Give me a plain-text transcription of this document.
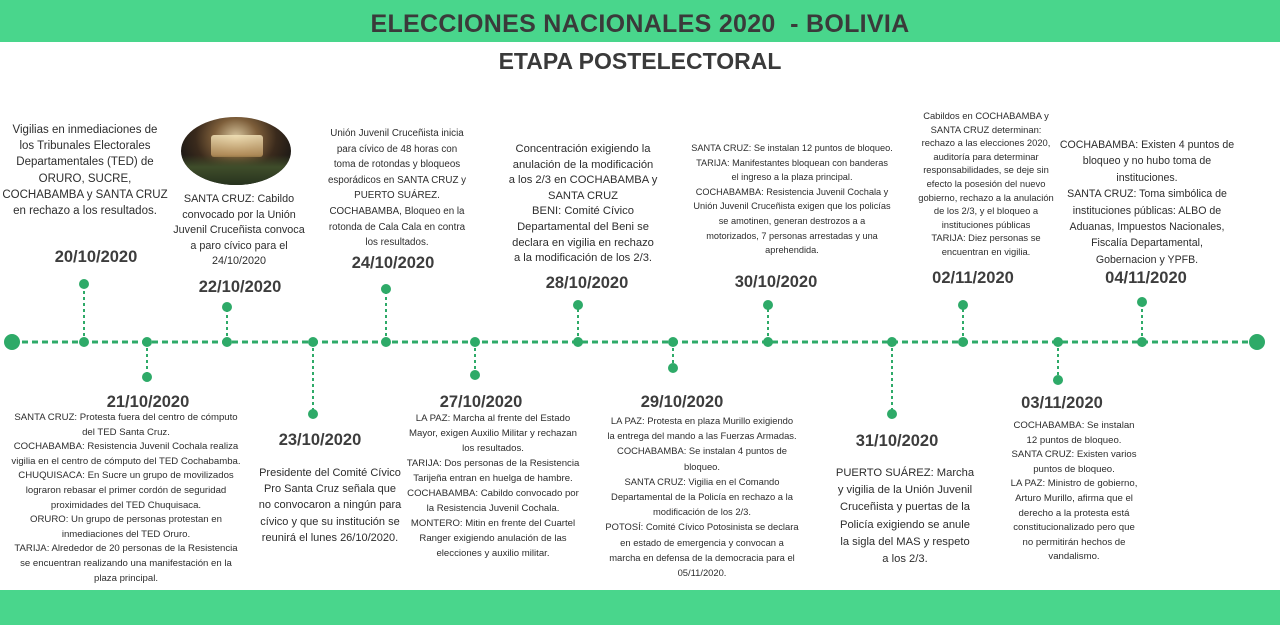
ELECCIONES NACIONALES 2020  - BOLIVIA
ETAPA POSTELECTORAL
20/10/2020
21/10/2020
22/10/2020
23/10/2020
24/10/2020
27/10/2020
28/10/2020
29/10/2020
30/10/2020
31/10/2020
02/11/2020
03/11/2020
04/11/2020
Vigilias en inmediaciones de
los Tribunales Electorales
Departamentales (TED) de
ORURO, SUCRE,
COCHABAMBA y SANTA CRUZ
en rechazo a los resultados.
SANTA CRUZ: Protesta fuera del centro de cómputo
del TED Santa Cruz.
COCHABAMBA: Resistencia Juvenil Cochala realiza
vigilia en el centro de cómputo del TED Cochabamba.
CHUQUISACA: En Sucre un grupo de movilizados
lograron rebasar el primer cordón de seguridad
proximidades del TED Chuquisaca.
ORURO: Un grupo de personas protestan en
inmediaciones del TED Oruro.
TARIJA: Alrededor de 20 personas de la Resistencia
se encuentran realizando una manifestación en la
plaza principal.
SANTA CRUZ: Cabildo
convocado por la Unión
Juvenil Cruceñista convoca
a paro cívico para el
24/10/2020
Presidente del Comité Cívico
Pro Santa Cruz señala que
no convocaron a ningún para
cívico y que su institución se
reunirá el lunes 26/10/2020.
Unión Juvenil Cruceñista inicia
para cívico de 48 horas con
toma de rotondas y bloqueos
esporádicos en SANTA CRUZ y
PUERTO SUÁREZ.
COCHABAMBA, Bloqueo en la
rotonda de Cala Cala en contra
los resultados.
LA PAZ: Marcha al frente del Estado
Mayor, exigen Auxilio Militar y rechazan
los resultados.
TARIJA: Dos personas de la Resistencia
Tarijeña entran en huelga de hambre.
COCHABAMBA: Cabildo convocado por
la Resistencia Juvenil Cochala.
MONTERO: Mitin en frente del Cuartel
Ranger exigiendo anulación de las
elecciones y auxilio militar.
Concentración exigiendo la
anulación de la modificación
a los 2/3 en COCHABAMBA y
SANTA CRUZ
BENI: Comité Cívico
Departamental del Beni se
declara en vigilia en rechazo
a la modificación de los 2/3.
LA PAZ: Protesta en plaza Murillo exigiendo
la entrega del mando a las Fuerzas Armadas.
COCHABAMBA: Se instalan 4 puntos de
bloqueo.
SANTA CRUZ: Vigilia en el Comando
Departamental de la Policía en rechazo a la
modificación de los 2/3.
POTOSÍ: Comité Cívico Potosinista se declara
en estado de emergencia y convocan a
marcha en defensa de la democracia para el
05/11/2020.
SANTA CRUZ: Se instalan 12 puntos de bloqueo.
TARIJA: Manifestantes bloquean con banderas
el ingreso a la plaza principal.
COCHABAMBA: Resistencia Juvenil Cochala y
Unión Juvenil Cruceñista exigen que los policías
se amotinen, generan destrozos a a
motorizados, 7 personas arrestadas y una
aprehendida.
PUERTO SUÁREZ: Marcha
y vigilia de la Unión Juvenil
Cruceñista y puertas de la
Policía exigiendo se anule
la sigla del MAS y respeto
a los 2/3.
Cabildos en COCHABAMBA y
SANTA CRUZ determinan:
rechazo a las elecciones 2020,
auditoría para determinar
responsabilidades, se deje sin
efecto la posesión del nuevo
gobierno, rechazo a la anulación
de los 2/3, y el bloqueo a
instituciones públicas
TARIJA: Diez personas se
encuentran en vigilia.
COCHABAMBA: Se instalan
12 puntos de bloqueo.
SANTA CRUZ: Existen varios
puntos de bloqueo.
LA PAZ: Ministro de gobierno,
Arturo Murillo, afirma que el
derecho a la protesta está
constitucionalizado pero que
no permitirán hechos de
vandalismo.
COCHABAMBA: Existen 4 puntos de
bloqueo y no hubo toma de
instituciones.
SANTA CRUZ: Toma simbólica de
instituciones públicas: ALBO de
Aduanas, Impuestos Nacionales,
Fiscalía Departamental,
Gobernacion y YPFB.
